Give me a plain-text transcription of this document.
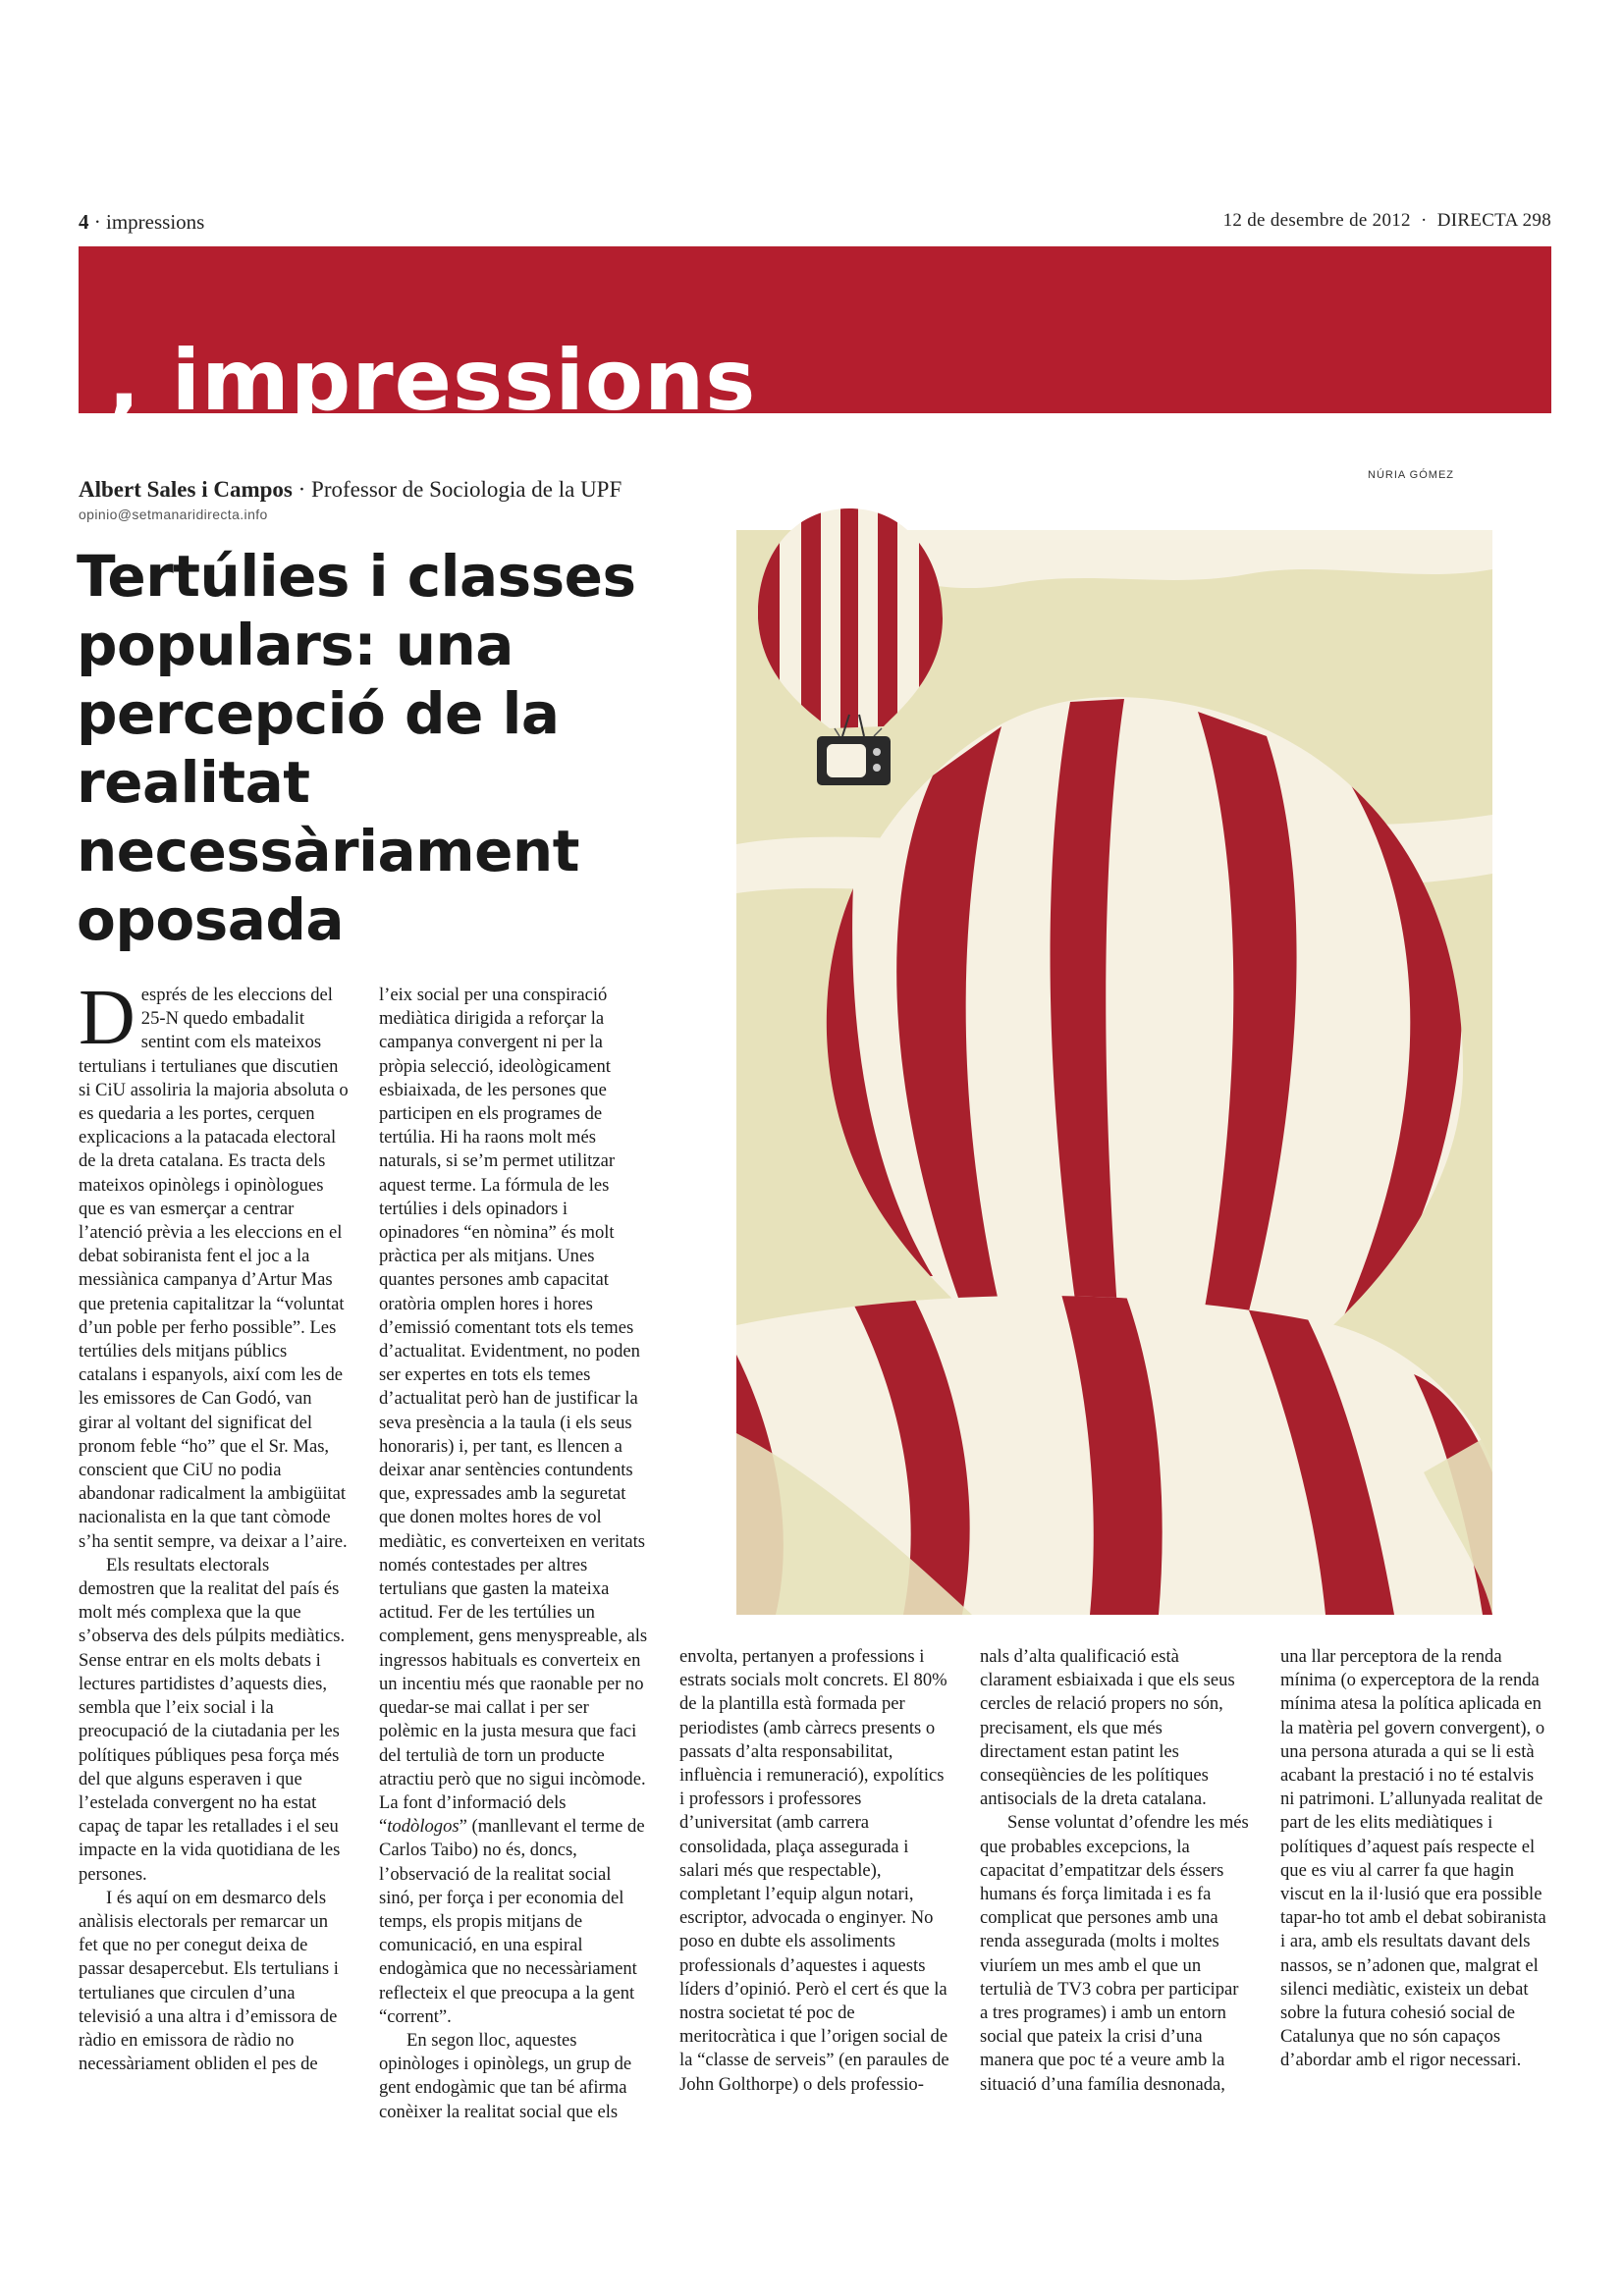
4 · impressions	12 de desembre de 2012  ·  DIRECTA 298
, impressions
Albert Sales i Campos · Professor de Sociologia de la UPF
opinio@setmanaridirecta.info
Tertúlies i classes populars: una percepció de la realitat necessàriament oposada
NÚRIA GÓMEZ

Després de les eleccions del 25-N quedo embadalit sentint com els mateixos tertulians i tertulianes que discutien si CiU assoliria la majoria absoluta o es quedaria a les portes, cerquen explicacions a la patacada electoral de la dreta catalana. Es tracta dels mateixos opinòlegs i opinòlogues que es van esmerçar a centrar l’atenció prèvia a les eleccions en el debat sobiranista fent el joc a la messiànica campanya d’Artur Mas que pretenia capitalitzar la “voluntat d’un poble per ferho possible”. Les tertúlies dels mitjans públics catalans i espanyols, així com les de les emissores de Can Godó, van girar al voltant del significat del pronom feble “ho” que el Sr. Mas, conscient que CiU no podia abandonar radicalment la ambigüitat nacionalista en la que tant còmode s’ha sentit sempre, va deixar a l’aire.

Els resultats electorals demostren que la realitat del país és molt més complexa que la que s’observa des dels púlpits mediàtics. Sense entrar en els molts debats i lectures partidistes d’aquests dies, sembla que l’eix social i la preocupació de la ciutadania per les polítiques públiques pesa força més del que alguns esperaven i que l’estelada convergent no ha estat capaç de tapar les retallades i el seu impacte en la vida quotidiana de les persones.

I és aquí on em desmarco dels anàlisis electorals per remarcar un fet que no per conegut deixa de passar desapercebut. Els tertulians i tertulianes que circulen d’una televisió a una altra i d’emissora de ràdio en emissora de ràdio no necessàriament obliden el pes de

l’eix social per una conspiració mediàtica dirigida a reforçar la campanya convergent ni per la pròpia selecció, ideològicament esbiaixada, de les persones que participen en els programes de tertúlia. Hi ha raons molt més naturals, si se’m permet utilitzar aquest terme. La fórmula de les tertúlies i dels opinadors i opinadores “en nòmina” és molt pràctica per als mitjans. Unes quantes persones amb capacitat oratòria omplen hores i hores d’emissió comentant tots els temes d’actualitat. Evidentment, no poden ser expertes en tots els temes d’actualitat però han de justificar la seva presència a la taula (i els seus honoraris) i, per tant, es llencen a deixar anar sentències contundents que, expressades amb la seguretat que donen moltes hores de vol mediàtic, es converteixen en veritats només contestades per altres tertulians que gasten la mateixa actitud. Fer de les tertúlies un complement, gens menyspreable, als ingressos habituals es converteix en un incentiu més que raonable per no quedar-se mai callat i per ser polèmic en la justa mesura que faci del tertulià de torn un producte atractiu però que no sigui incòmode. La font d’informació dels “todòlogos” (manllevant el terme de Carlos Taibo) no és, doncs, l’observació de la realitat social sinó, per força i per economia del temps, els propis mitjans de comunicació, en una espiral endogàmica que no necessàriament reflecteix el que preocupa a la gent “corrent”.

En segon lloc, aquestes opinòloges i opinòlegs, un grup de gent endogàmic que tan bé afirma conèixer la realitat social que els

envolta, pertanyen a professions i estrats socials molt concrets. El 80% de la plantilla està formada per periodistes (amb càrrecs presents o passats d’alta responsabilitat, influència i remuneració), expolítics i professors i professores d’universitat (amb carrera consolidada, plaça assegurada i salari més que respectable), completant l’equip algun notari, escriptor, advocada o enginyer. No poso en dubte els assoliments professionals d’aquestes i aquests líders d’opinió. Però el cert és que la nostra societat té poc de meritocràtica i que l’origen social de la “classe de serveis” (en paraules de John Golthorpe) o dels professio-

nals d’alta qualificació està clarament esbiaixada i que els seus cercles de relació propers no són, precisament, els que més directament estan patint les conseqüències de les polítiques antisocials de la dreta catalana.

Sense voluntat d’ofendre les més que probables excepcions, la capacitat d’empatitzar dels éssers humans és força limitada i es fa complicat que persones amb una renda assegurada (molts i moltes viuríem un mes amb el que un tertulià de TV3 cobra per participar a tres programes) i amb un entorn social que pateix la crisi d’una manera que poc té a veure amb la situació d’una família desnonada,

una llar perceptora de la renda mínima (o experceptora de la renda mínima atesa la política aplicada en la matèria pel govern convergent), o una persona aturada a qui se li està acabant la prestació i no té estalvis ni patrimoni. L’allunyada realitat de part de les elits mediàtiques i polítiques d’aquest país respecte el que es viu al carrer fa que hagin viscut en la il·lusió que era possible tapar-ho tot amb el debat sobiranista i ara, amb els resultats davant dels nassos, se n’adonen que, malgrat el silenci mediàtic, existeix un debat sobre la futura cohesió social de Catalunya que no són capaços d’abordar amb el rigor necessari.
